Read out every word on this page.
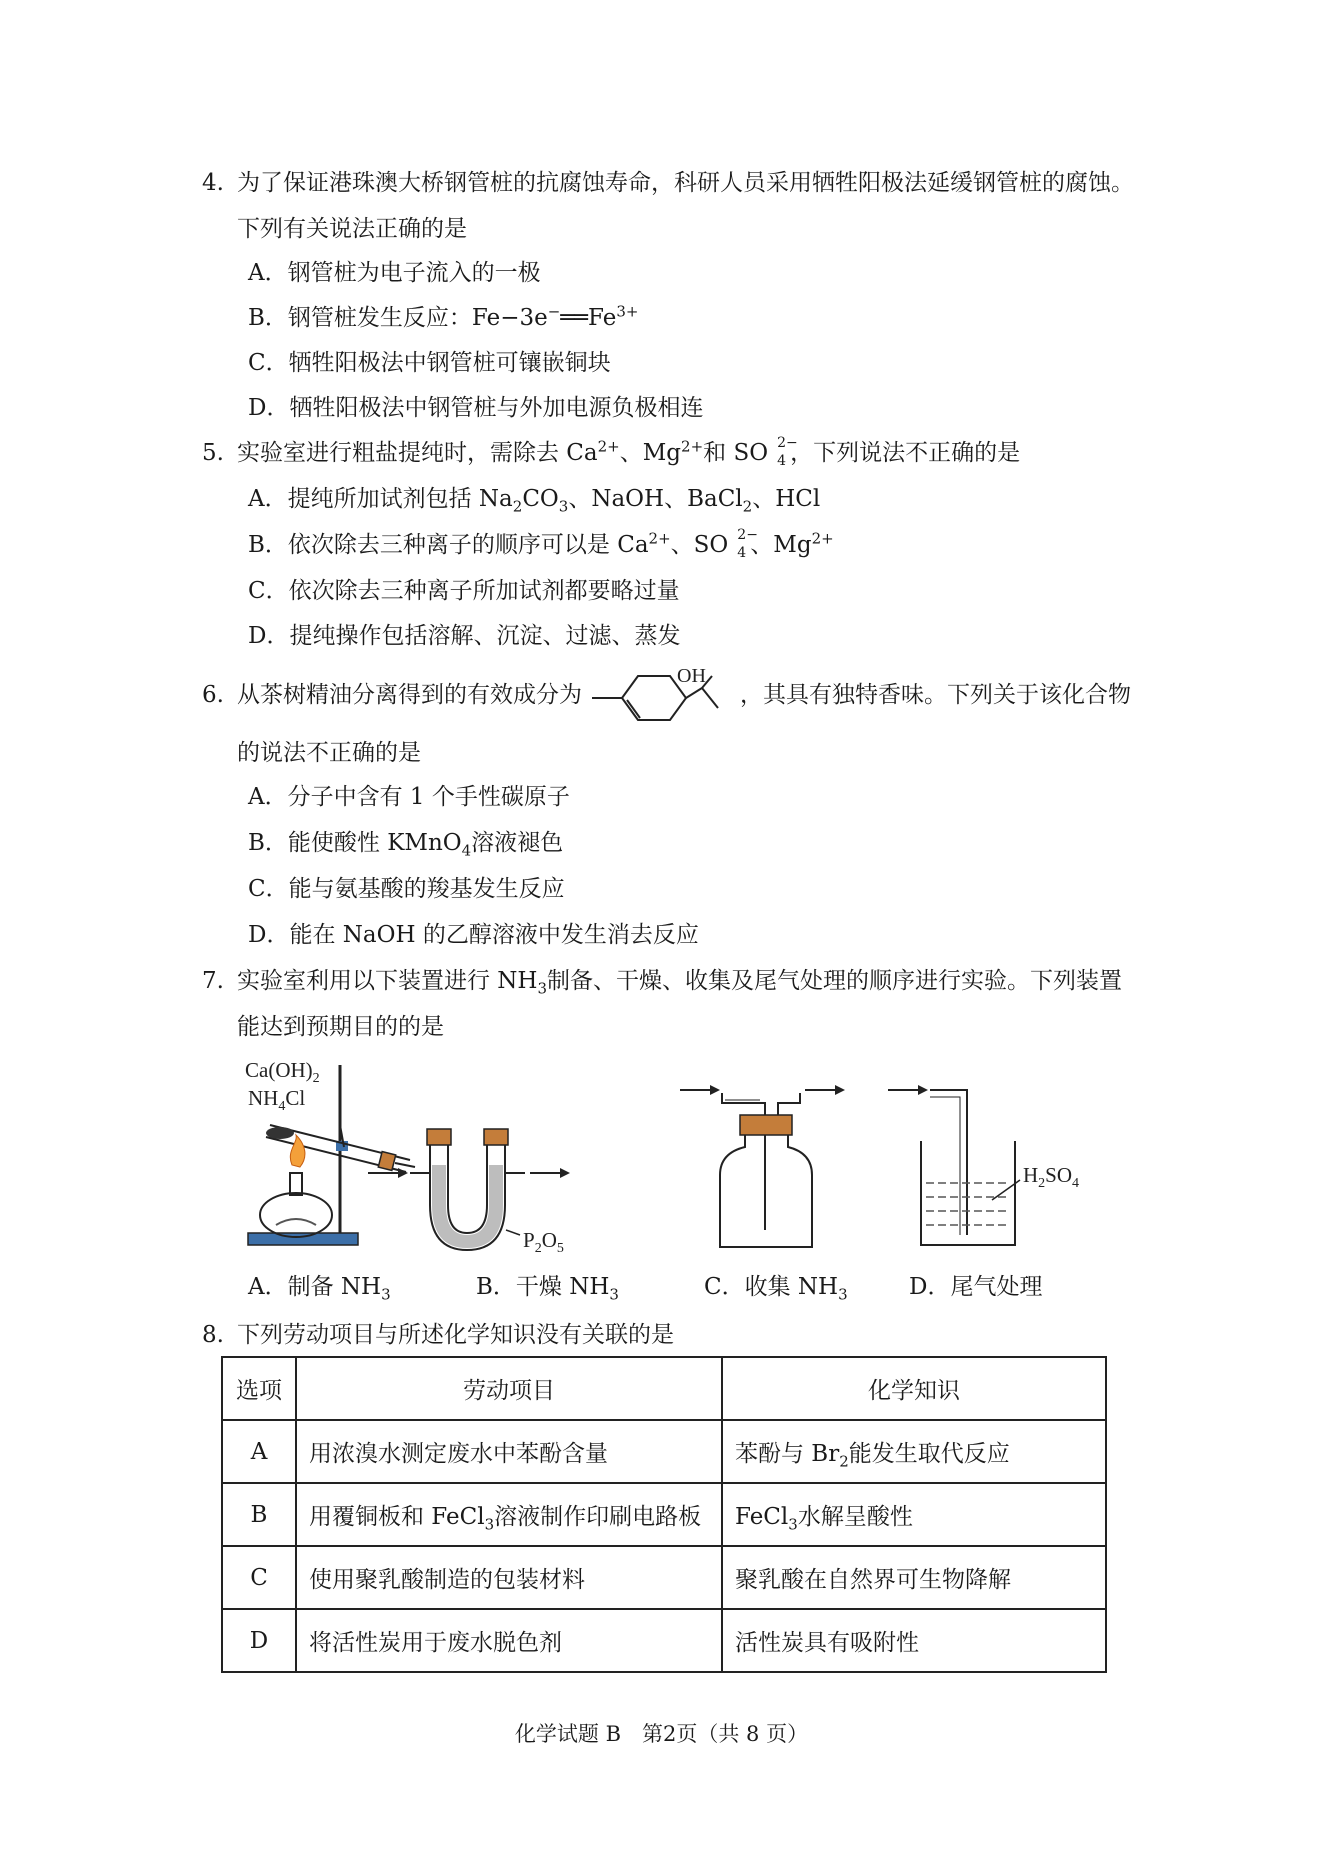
4. 为了保证港珠澳大桥钢管桩的抗腐蚀寿命，科研人员采用牺牲阳极法延缓钢管桩的腐蚀。
下列有关说法正确的是
A．钢管桩为电子流入的一极
B．钢管桩发生反应：$Fe-3e^-══Fe^{3+}$
C．牺牲阳极法中钢管桩可镶嵌铜块
D．牺牲阳极法中钢管桩与外加电源负极相连
5. 实验室进行粗盐提纯时，需除去 $Ca^{2+}$、$Mg^{2+}$和 SO 2−
4 ，下列说法不正确的是
A．提纯所加试剂包括 $Na_2CO_3$、NaOH、BaCl$_2$、HCl
B．依次除去三种离子的顺序可以是 $Ca^{2+}$、SO 2−
4 、$Mg^{2+}$
C．依次除去三种离子所加试剂都要略过量
D．提纯操作包括溶解、沉淀、过滤、蒸发
6. 从茶树精油分离得到的有效成分为
OH
，其具有独特香味。下列关于该化合物
的说法不正确的是
A．分子中含有 1 个手性碳原子
B．能使酸性 KMnO$_4$溶液褪色
C．能与氨基酸的羧基发生反应
D．能在 NaOH 的乙醇溶液中发生消去反应
7. 实验室利用以下装置进行 $NH_3$制备、干燥、收集及尾气处理的顺序进行实验。下列装置
能达到预期目的的是
$Ca(OH)_2$
$NH_4Cl$
$P_2O_5$
$H_2SO_4$
A．制备 $NH_3$	B．干燥 $NH_3$	C．收集 $NH_3$	D．尾气处理
8. 下列劳动项目与所述化学知识没有关联的是
选项	劳动项目	化学知识
A	用浓溴水测定废水中苯酚含量	苯酚与 $Br_2$能发生取代反应
B	用覆铜板和 FeCl$_3$溶液制作印刷电路板	FeCl$_3$水解呈酸性
C	使用聚乳酸制造的包装材料	聚乳酸在自然界可生物降解
D	将活性炭用于废水脱色剂	活性炭具有吸附性
化学试题 B　第2页（共 8 页）
